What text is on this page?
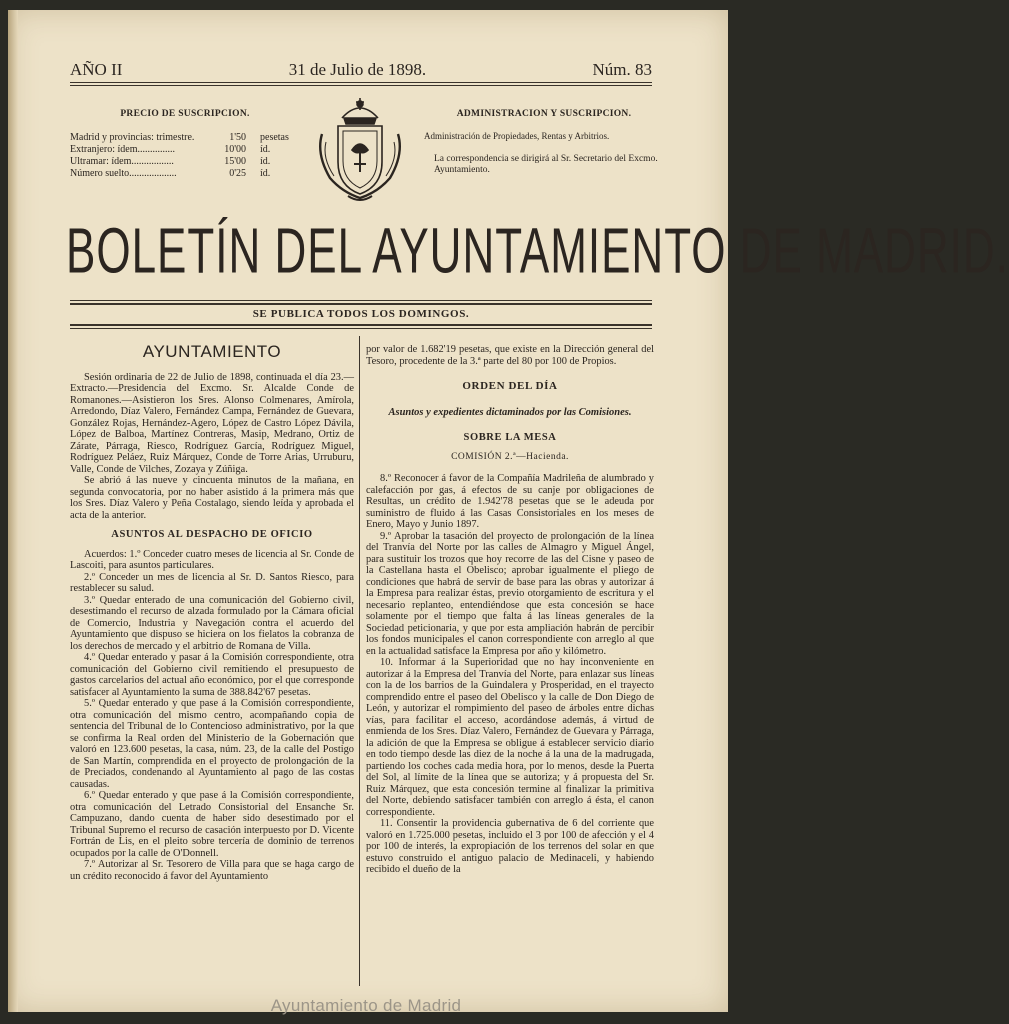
AÑO II	31 de Julio de 1898.	Núm. 83
PRECIO DE SUSCRIPCION.
Madrid y provincias: trimestre.	1'50	pesetas
Extranjero: ídem...............	10'00	íd.
Ultramar: ídem.................	15'00	íd.
Número suelto...................	0'25	íd.
ADMINISTRACION Y SUSCRIPCION.
Administración de Propiedades, Rentas y Arbitrios.
La correspondencia se dirigirá al Sr. Secretario del Excmo. Ayuntamiento.
BOLETÍN DEL AYUNTAMIENTO DE MADRID.
SE PUBLICA TODOS LOS DOMINGOS.
AYUNTAMIENTO

Sesión ordinaria de 22 de Julio de 1898, continuada el día 23.—Extracto.—Presidencia del Excmo. Sr. Alcalde Conde de Romanones.—Asistieron los Sres. Alonso Colmenares, Amírola, Arredondo, Díaz Valero, Fernández Campa, Fernández de Guevara, González Rojas, Hernández-Agero, López de Castro López Dávila, López de Balboa, Martínez Contreras, Masip, Medrano, Ortiz de Zárate, Párraga, Riesco, Rodríguez García, Rodríguez Miguel, Rodríguez Peláez, Ruiz Márquez, Conde de Torre Arias, Urruburu, Valle, Conde de Vilches, Zozaya y Zúñiga.

Se abrió á las nueve y cincuenta minutos de la mañana, en segunda convocatoria, por no haber asistido á la primera más que los Sres. Díaz Valero y Peña Costalago, siendo leída y aprobada el acta de la anterior.

ASUNTOS AL DESPACHO DE OFICIO

Acuerdos: 1.º Conceder cuatro meses de licencia al Sr. Conde de Lascoiti, para asuntos particulares.

2.º Conceder un mes de licencia al Sr. D. Santos Riesco, para restablecer su salud.

3.º Quedar enterado de una comunicación del Gobierno civil, desestimando el recurso de alzada formulado por la Cámara oficial de Comercio, Industria y Navegación contra el acuerdo del Ayuntamiento que dispuso se hiciera on los fielatos la cobranza de los derechos de mercado y el arbitrio de Romana de Villa.

4.º Quedar enterado y pasar á la Comisión correspondiente, otra comunicación del Gobierno civil remitiendo el presupuesto de gastos carcelarios del actual año económico, por el que corresponde satisfacer al Ayuntamiento la suma de 388.842'67 pesetas.

5.º Quedar enterado y que pase á la Comisión correspondiente, otra comunicación del mismo centro, acompañando copia de sentencia del Tribunal de lo Contencioso administrativo, por la que se confirma la Real orden del Ministerio de la Gobernación que valoró en 123.600 pesetas, la casa, núm. 23, de la calle del Postigo de San Martín, comprendida en el proyecto de prolongación de la de Preciados, condenando al Ayuntamiento al pago de las costas causadas.

6.º Quedar enterado y que pase á la Comisión correspondiente, otra comunicación del Letrado Consistorial del Ensanche Sr. Campuzano, dando cuenta de haber sido desestimado por el Tribunal Supremo el recurso de casación interpuesto por D. Vicente Fortrán de Lis, en el pleito sobre tercería de dominio de terrenos ocupados por la calle de O'Donnell.

7.º Autorizar al Sr. Tesorero de Villa para que se haga cargo de un crédito reconocido á favor del Ayuntamiento

por valor de 1.682'19 pesetas, que existe en la Dirección general del Tesoro, procedente de la 3.ª parte del 80 por 100 de Propios.

ORDEN DEL DÍA
Asuntos y expedientes dictaminados por las Comisiones.
SOBRE LA MESA
COMISIÓN 2.ª—Hacienda.

8.º Reconocer á favor de la Compañía Madrileña de alumbrado y calefacción por gas, á efectos de su canje por obligaciones de Resultas, un crédito de 1.942'78 pesetas que se le adeuda por suministro de fluido á las Casas Consistoriales en los meses de Enero, Mayo y Junio 1897.

9.º Aprobar la tasación del proyecto de prolongación de la línea del Tranvía del Norte por las calles de Almagro y Miguel Ángel, para sustituir los trozos que hoy recorre de las del Cisne y paseo de la Castellana hasta el Obelisco; aprobar igualmente el pliego de condiciones que habrá de servir de base para las obras y autorizar á la Empresa para realizar éstas, previo otorgamiento de escritura y el necesario replanteo, entendiéndose que esta concesión se hace solamente por el tiempo que falta á las líneas generales de la Sociedad peticionaria, y que por esta ampliación habrán de percibir los fondos municipales el canon correspondiente con arreglo al que en la actualidad satisface la Empresa por año y kilómetro.

10. Informar á la Superioridad que no hay inconveniente en autorizar á la Empresa del Tranvía del Norte, para enlazar sus líneas con la de los barrios de la Guindalera y Prosperidad, en el trayecto comprendido entre el paseo del Obelisco y la calle de Don Diego de León, y autorizar el rompimiento del paseo de árboles entre dichas vías, para facilitar el acceso, acordándose además, á virtud de enmienda de los Sres. Díaz Valero, Fernández de Guevara y Párraga, la adición de que la Empresa se obligue á establecer servicio diario en todo tiempo desde las diez de la noche á la una de la madrugada, partiendo los coches cada media hora, por lo menos, desde la Puerta del Sol, al límite de la línea que se autoriza; y á propuesta del Sr. Ruiz Márquez, que esta concesión termine al finalizar la primitiva del Norte, debiendo satisfacer también con arreglo á ésta, el canon correspondiente.

11. Consentir la providencia gubernativa de 6 del corriente que valoró en 1.725.000 pesetas, incluido el 3 por 100 de afección y el 4 por 100 de interés, la expropiación de los terrenos del solar en que estuvo construido el antiguo palacio de Medinaceli, y habiendo recibido el dueño de la

Ayuntamiento de Madrid
